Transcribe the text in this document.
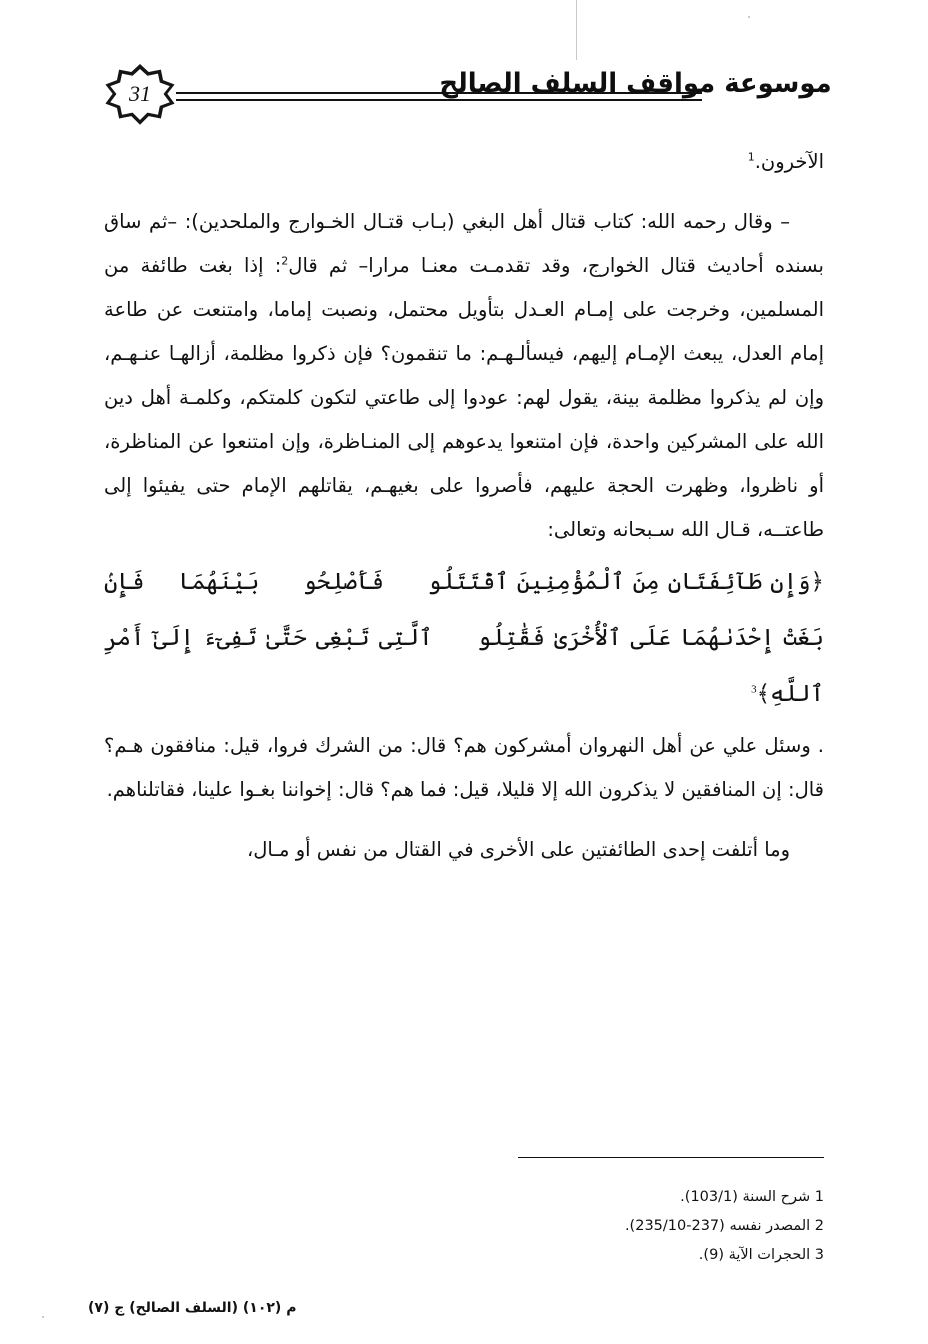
31	موسوعة مواقف السلف الصالح

الآخرون.$^1$

– وقال رحمه الله: كتاب قتال أهل البغي (بـاب قتـال الخـوارج والملحدين): –ثم ساق بسنده أحاديث قتال الخوارج، وقد تقدمـت معنـا مرارا– ثم قال$^2$: إذا بغت طائفة من المسلمين، وخرجت على إمـام العـدل بتأويل محتمل، ونصبت إماما، وامتنعت عن طاعة إمام العدل، يبعث الإمـام إليهم، فيسألـهـم: ما تنقمون؟ فإن ذكروا مظلمة، أزالهـا عنـهـم، وإن لم يذكروا مظلمة بينة، يقول لهم: عودوا إلى طاعتي لتكون كلمتكم، وكلمـة أهل دين الله على المشركين واحدة، فإن امتنعوا يدعوهم إلى المنـاظرة، وإن امتنعوا عن المناظرة، أو ناظروا، وظهرت الحجة عليهم، فأصروا على بغيهـم، يقاتلهم الإمام حتى يفيئوا إلى طاعتــه، قـال الله سـبحانه وتعالى:

﴿وَإِن طَآئِفَتَانِ مِنَ ٱلْمُؤْمِنِينَ ٱقْتَتَلُوا۟ فَأَصْلِحُوا۟ بَيْنَهُمَا ۖ فَإِنۢ بَغَتْ إِحْدَىٰهُمَا عَلَى ٱلْأُخْرَىٰ فَقَٰتِلُوا۟ ٱلَّتِى تَبْغِى حَتَّىٰ تَفِىٓءَ إِلَىٰٓ أَمْرِ ٱللَّهِ﴾$^3$

. وسئل علي عن أهل النهروان أمشركون هم؟ قال: من الشرك فروا، قيل: منافقون هـم؟ قال: إن المنافقين لا يذكرون الله إلا قليلا، قيل: فما هم؟ قال: إخواننا بغـوا علينا، فقاتلناهم.

وما أتلفت إحدى الطائفتين على الأخرى في القتال من نفس أو مـال،

1 شرح السنة (103/1).
2 المصدر نفسه (237-235/10).
3 الحجرات الآية (9).
م (١٠٢) (السلف الصالح) ج (٧)
